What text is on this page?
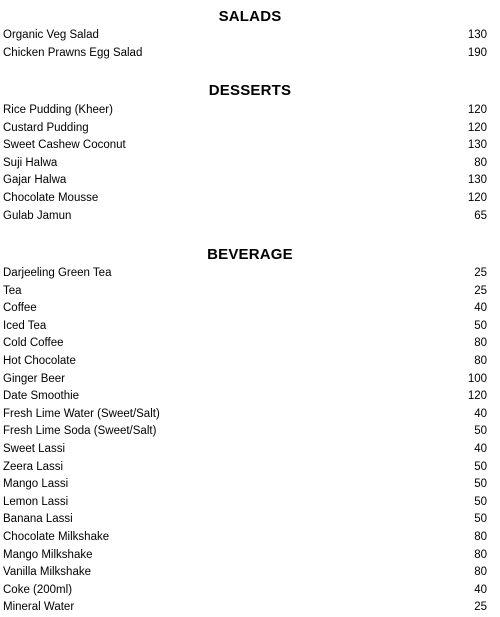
SALADS
Organic Veg Salad	130
Chicken Prawns Egg Salad	190
DESSERTS
Rice Pudding (Kheer)	120
Custard Pudding	120
Sweet Cashew Coconut	130
Suji Halwa	80
Gajar Halwa	130
Chocolate Mousse	120
Gulab Jamun	65
BEVERAGE
Darjeeling Green Tea	25
Tea	25
Coffee	40
Iced Tea	50
Cold Coffee	80
Hot Chocolate	80
Ginger Beer	100
Date Smoothie	120
Fresh Lime Water (Sweet/Salt)	40
Fresh Lime Soda (Sweet/Salt)	50
Sweet Lassi	40
Zeera Lassi	50
Mango Lassi	50
Lemon Lassi	50
Banana Lassi	50
Chocolate Milkshake	80
Mango Milkshake	80
Vanilla Milkshake	80
Coke (200ml)	40
Mineral Water	25
